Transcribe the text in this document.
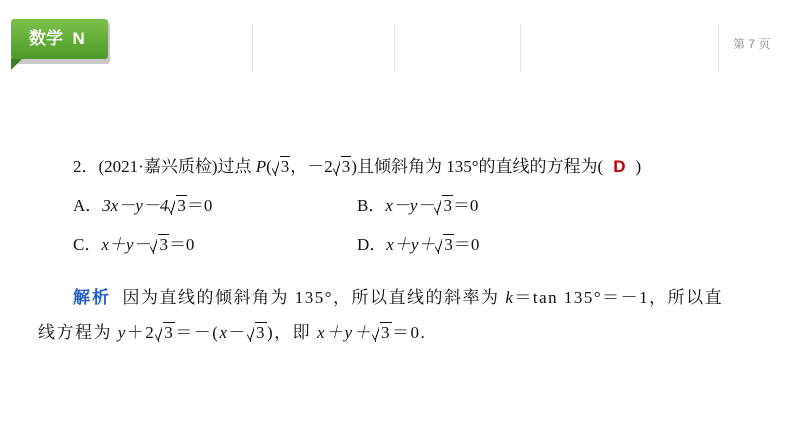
数学  N	第 7 页
2．(2021·嘉兴质检)过点 P( 3，－2 3)且倾斜角为 135°的直线的方程为( D )
A．3x－y－4 3＝0	B．x－y－ 3＝0
C．x＋y－ 3＝0	D．x＋y＋ 3＝0
解析 因为直线的倾斜角为 135°，所以直线的斜率为 k＝tan 135°＝－1，所以直
线方程为 y＋2 3＝－(x－ 3)，即 x＋y＋ 3＝0.
